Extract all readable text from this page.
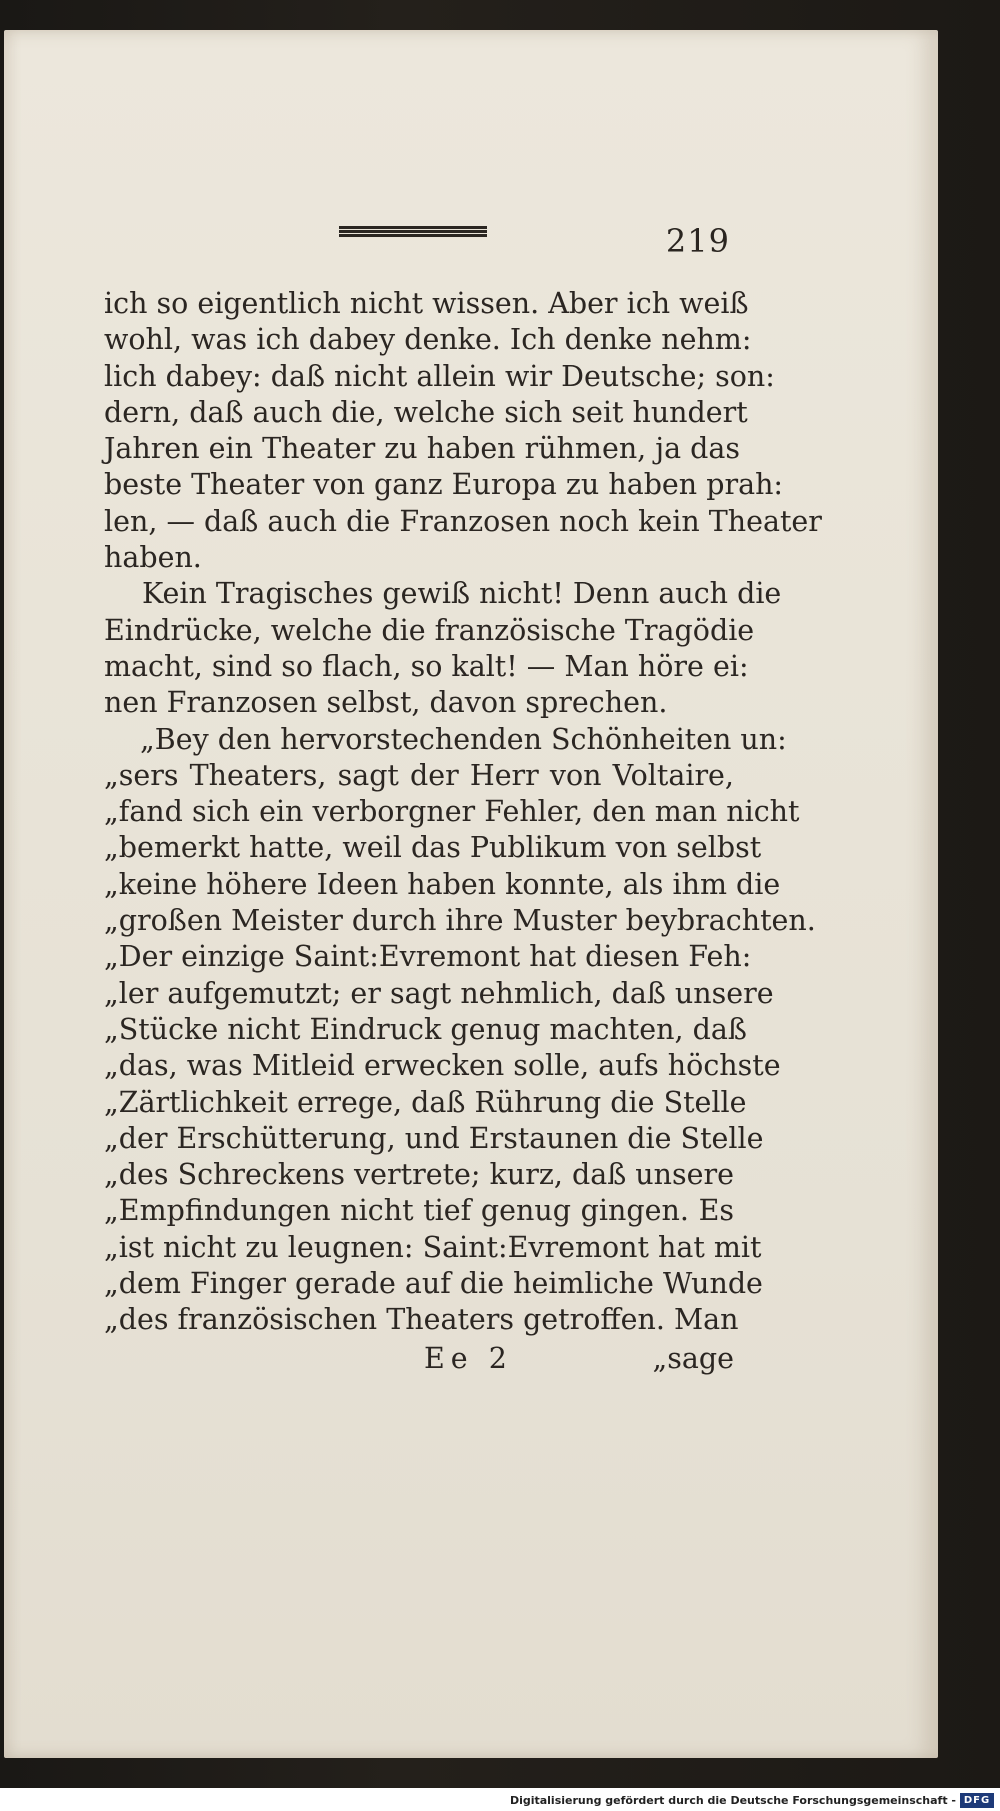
219
ich so eigentlich nicht wissen. Aber ich weiß
wohl, was ich dabey denke. Ich denke nehm:
lich dabey: daß nicht allein wir Deutsche; son:
dern, daß auch die, welche sich seit hundert
Jahren ein Theater zu haben rühmen, ja das
beste Theater von ganz Europa zu haben prah:
len, — daß auch die Franzosen noch kein Theater
haben.
Kein Tragisches gewiß nicht! Denn auch die
Eindrücke, welche die französische Tragödie
macht, sind so flach, so kalt! — Man höre ei:
nen Franzosen selbst, davon sprechen.
„Bey den hervorstechenden Schönheiten un:
„sers Theaters, sagt der Herr von Voltaire,
„fand sich ein verborgner Fehler, den man nicht
„bemerkt hatte, weil das Publikum von selbst
„keine höhere Ideen haben konnte, als ihm die
„großen Meister durch ihre Muster beybrachten.
„Der einzige Saint:Evremont hat diesen Feh:
„ler aufgemutzt; er sagt nehmlich, daß unsere
„Stücke nicht Eindruck genug machten, daß
„das, was Mitleid erwecken solle, aufs höchste
„Zärtlichkeit errege, daß Rührung die Stelle
„der Erschütterung, und Erstaunen die Stelle
„des Schreckens vertrete; kurz, daß unsere
„Empfindungen nicht tief genug gingen. Es
„ist nicht zu leugnen: Saint:Evremont hat mit
„dem Finger gerade auf die heimliche Wunde
„des französischen Theaters getroffen. Man
Ee 2	„sage
Digitalisierung gefördert durch die Deutsche Forschungsgemeinschaft - DFG
